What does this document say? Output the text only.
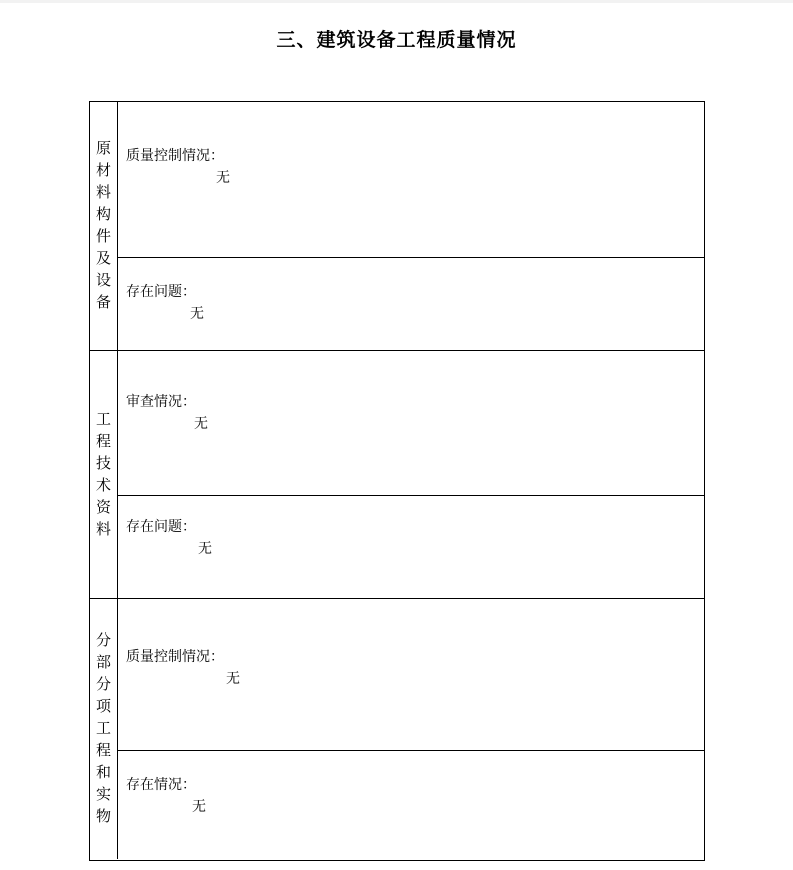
三、建筑设备工程质量情况
原材料构件及设备
质量控制情况：
无
存在问题：
无
工程技术资料
审查情况：
无
存在问题：
无
分部分项工程和实物
质量控制情况：
无
存在情况：
无
